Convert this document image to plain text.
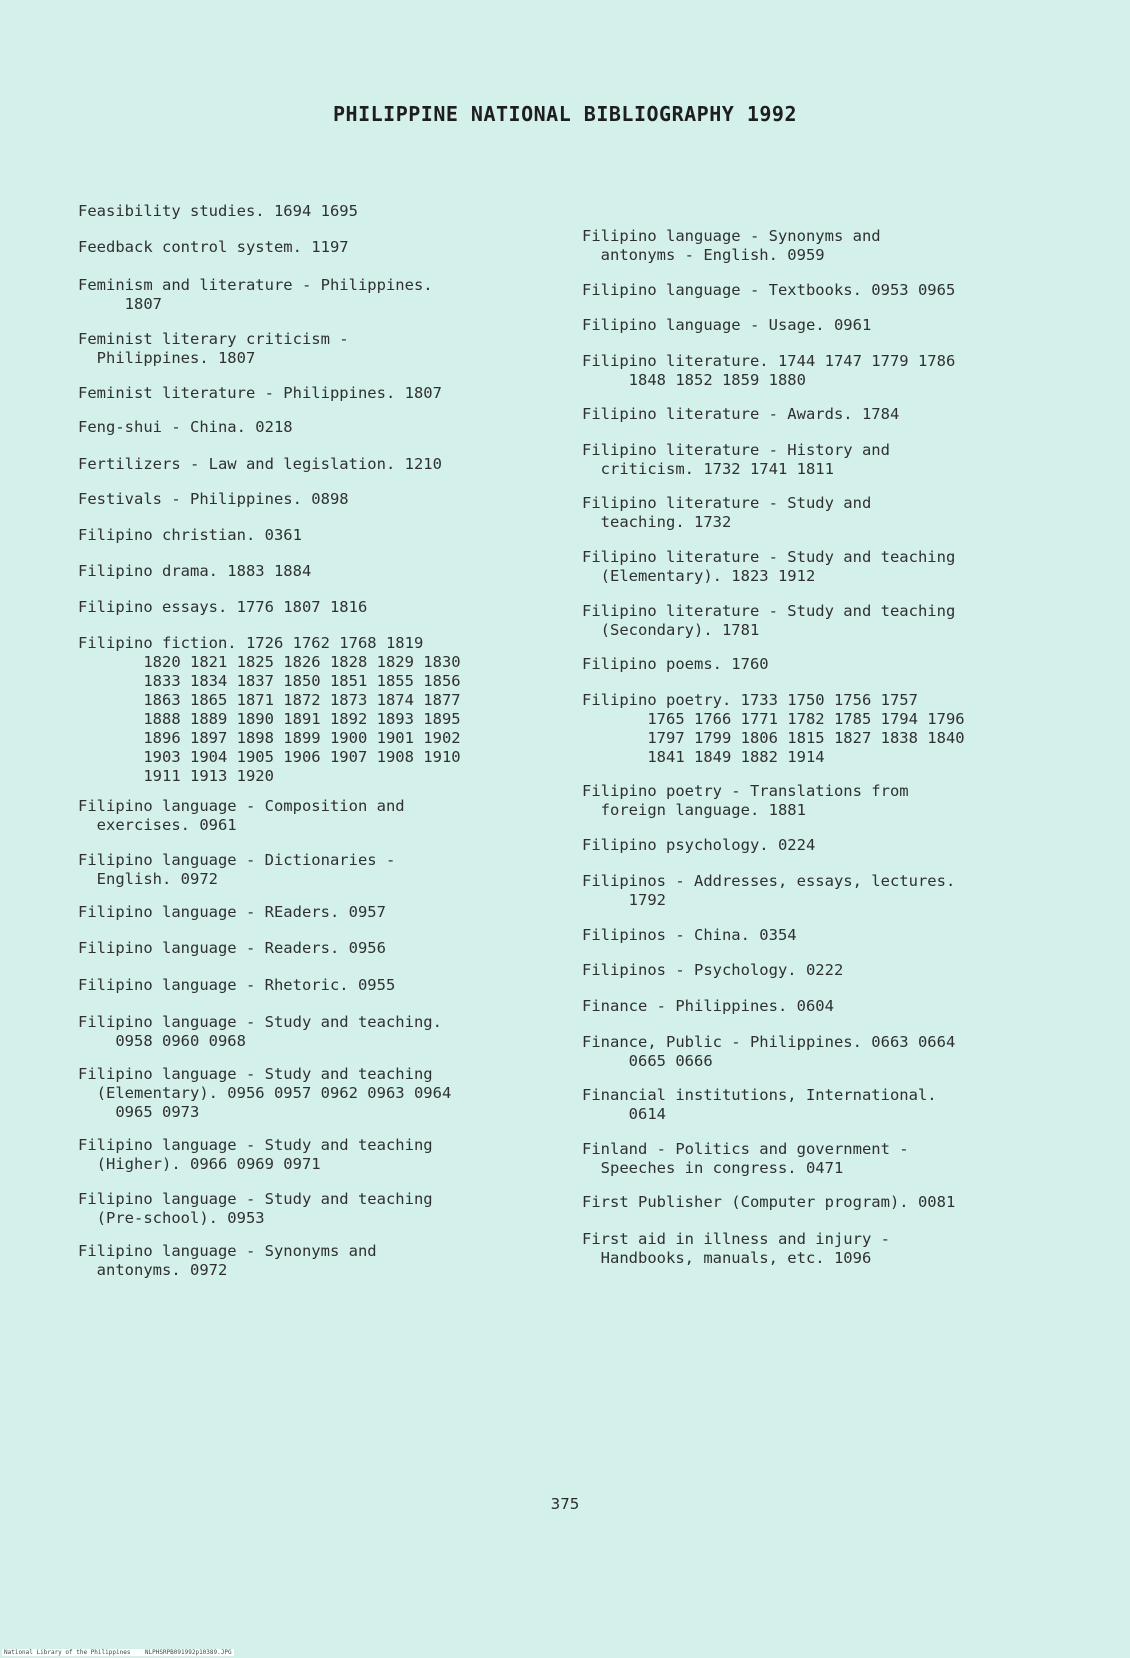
PHILIPPINE NATIONAL BIBLIOGRAPHY 1992
Feasibility studies. 1694 1695
Feedback control system. 1197
Feminism and literature - Philippines.
1807
Feminist literary criticism -
Philippines. 1807
Feminist literature - Philippines. 1807
Feng-shui - China. 0218
Fertilizers - Law and legislation. 1210
Festivals - Philippines. 0898
Filipino christian. 0361
Filipino drama. 1883 1884
Filipino essays. 1776 1807 1816
Filipino fiction. 1726 1762 1768 1819
1820 1821 1825 1826 1828 1829 1830
1833 1834 1837 1850 1851 1855 1856
1863 1865 1871 1872 1873 1874 1877
1888 1889 1890 1891 1892 1893 1895
1896 1897 1898 1899 1900 1901 1902
1903 1904 1905 1906 1907 1908 1910
1911 1913 1920
Filipino language - Composition and
exercises. 0961
Filipino language - Dictionaries -
English. 0972
Filipino language - REaders. 0957
Filipino language - Readers. 0956
Filipino language - Rhetoric. 0955
Filipino language - Study and teaching.
0958 0960 0968
Filipino language - Study and teaching
(Elementary). 0956 0957 0962 0963 0964
0965 0973
Filipino language - Study and teaching
(Higher). 0966 0969 0971
Filipino language - Study and teaching
(Pre-school). 0953
Filipino language - Synonyms and
antonyms. 0972
Filipino language - Synonyms and
antonyms - English. 0959
Filipino language - Textbooks. 0953 0965
Filipino language - Usage. 0961
Filipino literature. 1744 1747 1779 1786
1848 1852 1859 1880
Filipino literature - Awards. 1784
Filipino literature - History and
criticism. 1732 1741 1811
Filipino literature - Study and
teaching. 1732
Filipino literature - Study and teaching
(Elementary). 1823 1912
Filipino literature - Study and teaching
(Secondary). 1781
Filipino poems. 1760
Filipino poetry. 1733 1750 1756 1757
1765 1766 1771 1782 1785 1794 1796
1797 1799 1806 1815 1827 1838 1840
1841 1849 1882 1914
Filipino poetry - Translations from
foreign language. 1881
Filipino psychology. 0224
Filipinos - Addresses, essays, lectures.
1792
Filipinos - China. 0354
Filipinos - Psychology. 0222
Finance - Philippines. 0604
Finance, Public - Philippines. 0663 0664
0665 0666
Financial institutions, International.
0614
Finland - Politics and government -
Speeches in congress. 0471
First Publisher (Computer program). 0081
First aid in illness and injury -
Handbooks, manuals, etc. 1096
375
National Library of the Philippines    NLPHSRPB091992p10389.JPG
